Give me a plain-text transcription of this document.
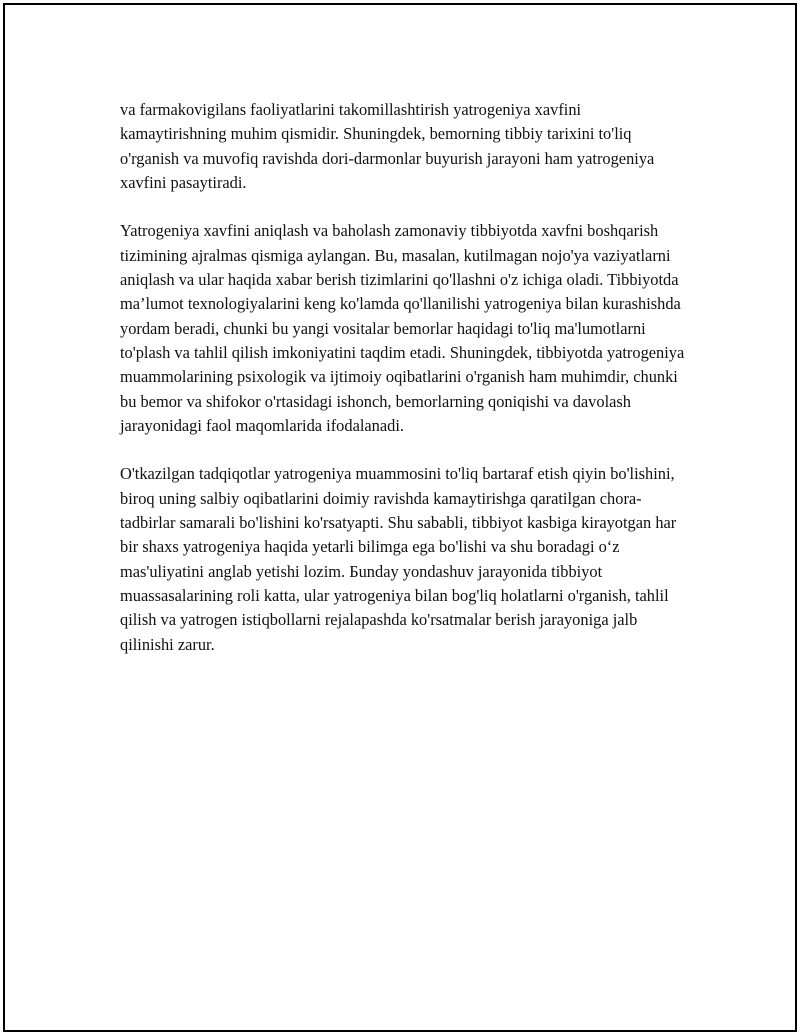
va farmakovigilans faoliyatlarini takomillashtirish yatrogeniya xavfini kamaytirishning muhim qismidir. Shuningdek, bemorning tibbiy tarixini to'liq o'rganish va muvofiq ravishda dori-darmonlar buyurish jarayoni ham yatrogeniya xavfini pasaytiradi.

Yatrogeniya xavfini aniqlash va baholash zamonaviy tibbiyotda xavfni boshqarish tizimining ajralmas qismiga aylangan. Bu, masalan, kutilmagan nojo'ya vaziyatlarni aniqlash va ular haqida xabar berish tizimlarini qo'llashni o'z ichiga oladi. Tibbiyotda ma’lumot texnologiyalarini keng ko'lamda qo'llanilishi yatrogeniya bilan kurashishda yordam beradi, chunki bu yangi vositalar bemorlar haqidagi to'liq ma'lumotlarni to'plash va tahlil qilish imkoniyatini taqdim etadi. Shuningdek, tibbiyotda yatrogeniya muammolarining psixologik va ijtimoiy oqibatlarini o'rganish ham muhimdir, chunki bu bemor va shifokor o'rtasidagi ishonch, bemorlarning qoniqishi va davolash jarayonidagi faol maqomlarida ifodalanadi.

O'tkazilgan tadqiqotlar yatrogeniya muammosini to'liq bartaraf etish qiyin bo'lishini, biroq uning salbiy oqibatlarini doimiy ravishda kamaytirishga qaratilgan chora-tadbirlar samarali bo'lishini ko'rsatyapti. Shu sababli, tibbiyot kasbiga kirayotgan har bir shaxs yatrogeniya haqida yetarli bilimga ega bo'lishi va shu boradagi o‘z mas'uliyatini anglab yetishi lozim. Бunday yondashuv jarayonida tibbiyot muassasalarining roli katta, ular yatrogeniya bilan bog'liq holatlarni o'rganish, tahlil qilish va yatrogen istiqbollarni rejalapashda ko'rsatmalar berish jarayoniga jalb qilinishi zarur.
